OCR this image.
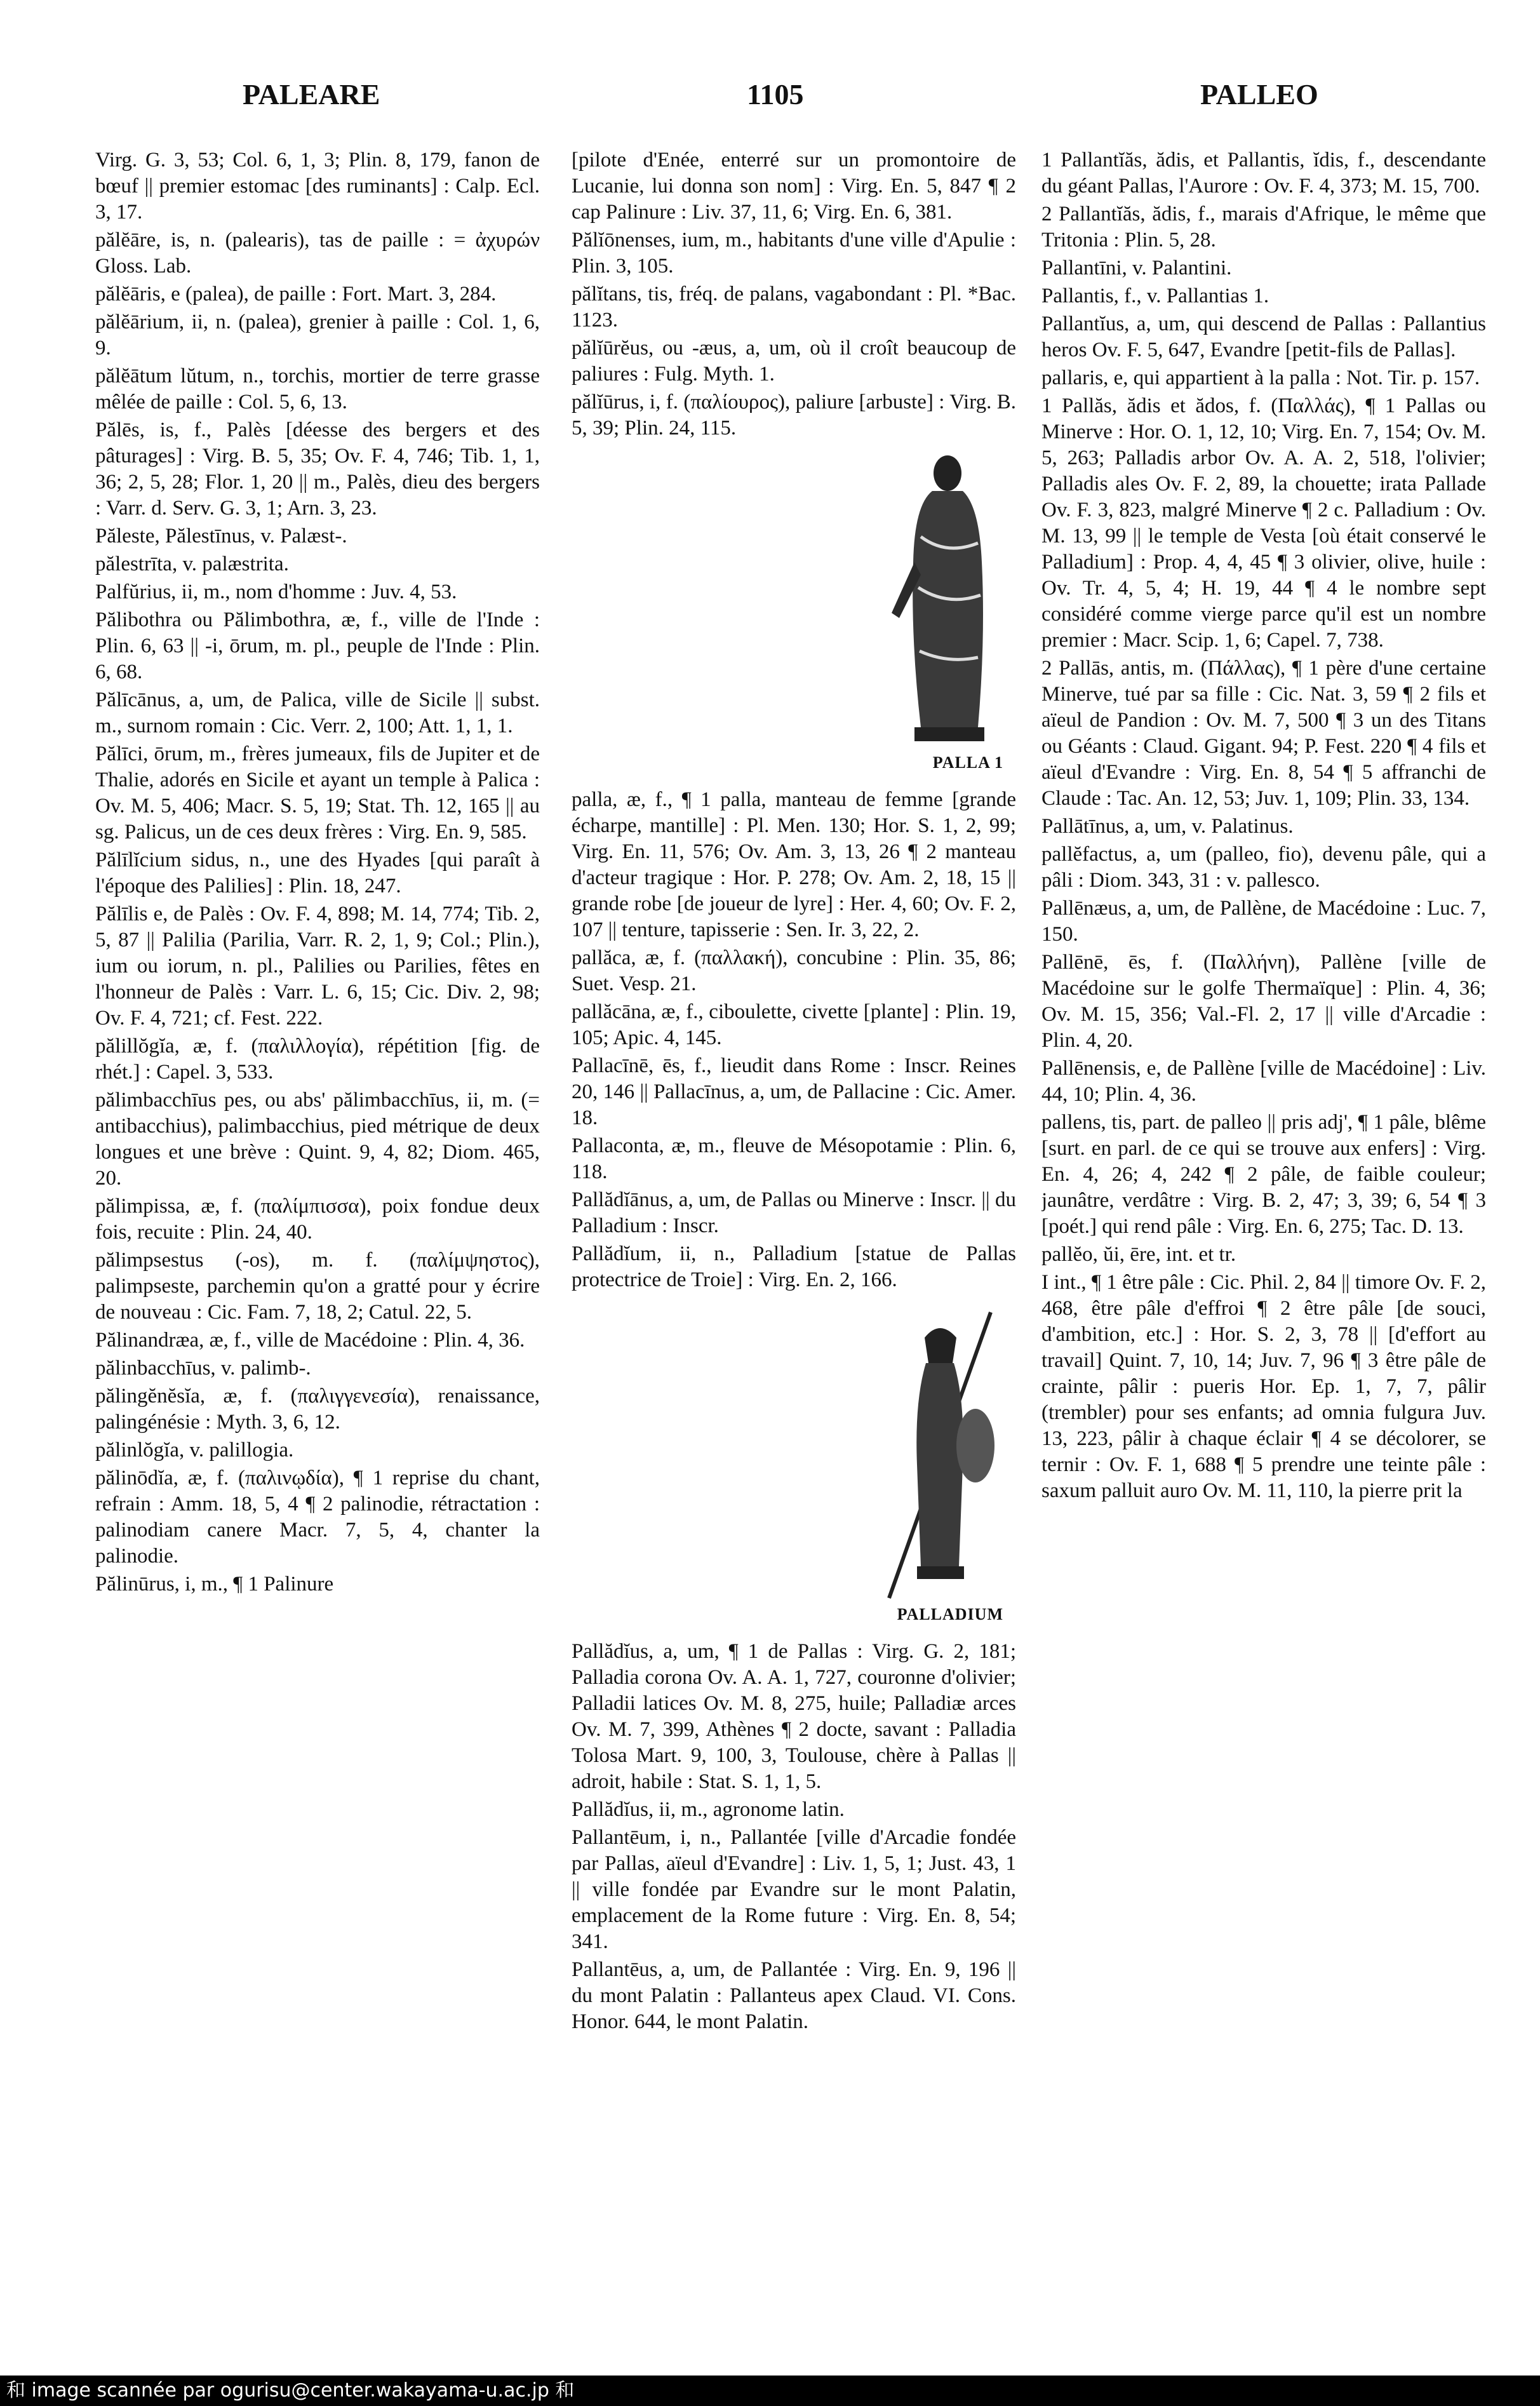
PALEARE	1105	PALLEO

Virg. G. 3, 53; Col. 6, 1, 3; Plin. 8, 179, fanon de bœuf || premier estomac [des ruminants] : Calp. Ecl. 3, 17.

pălĕāre, is, n. (palearis), tas de paille : = ἀχυρών Gloss. Lab.

pălĕāris, e (palea), de paille : Fort. Mart. 3, 284.

pălĕārium, ii, n. (palea), grenier à paille : Col. 1, 6, 9.

pălĕātum lŭtum, n., torchis, mortier de terre grasse mêlée de paille : Col. 5, 6, 13.

Pălēs, is, f., Palès [déesse des bergers et des pâturages] : Virg. B. 5, 35; Ov. F. 4, 746; Tib. 1, 1, 36; 2, 5, 28; Flor. 1, 20 || m., Palès, dieu des bergers : Varr. d. Serv. G. 3, 1; Arn. 3, 23.

Păleste, Pălestīnus, v. Palæst-.

pălestrīta, v. palæstrita.

Palfŭrius, ii, m., nom d'homme : Juv. 4, 53.

Pălibothra ou Pălimbothra, æ, f., ville de l'Inde : Plin. 6, 63 || -i, ōrum, m. pl., peuple de l'Inde : Plin. 6, 68.

Pălīcānus, a, um, de Palica, ville de Sicile || subst. m., surnom romain : Cic. Verr. 2, 100; Att. 1, 1, 1.

Pălīci, ōrum, m., frères jumeaux, fils de Jupiter et de Thalie, adorés en Sicile et ayant un temple à Palica : Ov. M. 5, 406; Macr. S. 5, 19; Stat. Th. 12, 165 || au sg. Palicus, un de ces deux frères : Virg. En. 9, 585.

Pălīlĭcium sidus, n., une des Hyades [qui paraît à l'époque des Palilies] : Plin. 18, 247.

Pălīlis e, de Palès : Ov. F. 4, 898; M. 14, 774; Tib. 2, 5, 87 || Palilia (Parilia, Varr. R. 2, 1, 9; Col.; Plin.), ium ou iorum, n. pl., Palilies ou Parilies, fêtes en l'honneur de Palès : Varr. L. 6, 15; Cic. Div. 2, 98; Ov. F. 4, 721; cf. Fest. 222.

pălillŏgĭa, æ, f. (παλιλλογία), répétition [fig. de rhét.] : Capel. 3, 533.

pălimbacchīus pes, ou abs' pălimbacchīus, ii, m. (= antibacchius), palimbacchius, pied métrique de deux longues et une brève : Quint. 9, 4, 82; Diom. 465, 20.

pălimpissa, æ, f. (παλίμπισσα), poix fondue deux fois, recuite : Plin. 24, 40.

pălimpsestus (-os), m. f. (παλίμψηστος), palimpseste, parchemin qu'on a gratté pour y écrire de nouveau : Cic. Fam. 7, 18, 2; Catul. 22, 5.

Pălinandræa, æ, f., ville de Macédoine : Plin. 4, 36.

pălinbacchīus, v. palimb-.

pălingĕnĕsĭa, æ, f. (παλιγγενεσία), renaissance, palingénésie : Myth. 3, 6, 12.

pălinlŏgĭa, v. palillogia.

pălinōdĭa, æ, f. (παλινῳδία), ¶ 1 reprise du chant, refrain : Amm. 18, 5, 4 ¶ 2 palinodie, rétractation : palinodiam canere Macr. 7, 5, 4, chanter la palinodie.

Pălinūrus, i, m., ¶ 1 Palinure

[pilote d'Enée, enterré sur un promontoire de Lucanie, lui donna son nom] : Virg. En. 5, 847 ¶ 2 cap Palinure : Liv. 37, 11, 6; Virg. En. 6, 381.

Pălĭōnenses, ium, m., habitants d'une ville d'Apulie : Plin. 3, 105.

pălĭtans, tis, fréq. de palans, vagabondant : Pl. *Bac. 1123.

pălĭūrĕus, ou -æus, a, um, où il croît beaucoup de paliures : Fulg. Myth. 1.

pălĭūrus, i, f. (παλίουρος), paliure [arbuste] : Virg. B. 5, 39; Plin. 24, 115.

PALLA 1

palla, æ, f., ¶ 1 palla, manteau de femme [grande écharpe, mantille] : Pl. Men. 130; Hor. S. 1, 2, 99; Virg. En. 11, 576; Ov. Am. 3, 13, 26 ¶ 2 manteau d'acteur tragique : Hor. P. 278; Ov. Am. 2, 18, 15 || grande robe [de joueur de lyre] : Her. 4, 60; Ov. F. 2, 107 || tenture, tapisserie : Sen. Ir. 3, 22, 2.

pallăca, æ, f. (παλλακή), concubine : Plin. 35, 86; Suet. Vesp. 21.

pallăcāna, æ, f., ciboulette, civette [plante] : Plin. 19, 105; Apic. 4, 145.

Pallacīnē, ēs, f., lieudit dans Rome : Inscr. Reines 20, 146 || Pallacīnus, a, um, de Pallacine : Cic. Amer. 18.

Pallaconta, æ, m., fleuve de Mésopotamie : Plin. 6, 118.

Pallădĭānus, a, um, de Pallas ou Minerve : Inscr. || du Palladium : Inscr.

Pallădĭum, ii, n., Palladium [statue de Pallas protectrice de Troie] : Virg. En. 2, 166.

PALLADIUM

Pallădĭus, a, um, ¶ 1 de Pallas : Virg. G. 2, 181; Palladia corona Ov. A. A. 1, 727, couronne d'olivier; Palladii latices Ov. M. 8, 275, huile; Palladiæ arces Ov. M. 7, 399, Athènes ¶ 2 docte, savant : Palladia Tolosa Mart. 9, 100, 3, Toulouse, chère à Pallas || adroit, habile : Stat. S. 1, 1, 5.

Pallădĭus, ii, m., agronome latin.

Pallantēum, i, n., Pallantée [ville d'Arcadie fondée par Pallas, aïeul d'Evandre] : Liv. 1, 5, 1; Just. 43, 1 || ville fondée par Evandre sur le mont Palatin, emplacement de la Rome future : Virg. En. 8, 54; 341.

Pallantēus, a, um, de Pallantée : Virg. En. 9, 196 || du mont Palatin : Pallanteus apex Claud. VI. Cons. Honor. 644, le mont Palatin.

1 Pallantĭăs, ădis, et Pallantis, ĭdis, f., descendante du géant Pallas, l'Aurore : Ov. F. 4, 373; M. 15, 700.

2 Pallantĭăs, ădis, f., marais d'Afrique, le même que Tritonia : Plin. 5, 28.

Pallantīni, v. Palantini.

Pallantis, f., v. Pallantias 1.

Pallantĭus, a, um, qui descend de Pallas : Pallantius heros Ov. F. 5, 647, Evandre [petit-fils de Pallas].

pallaris, e, qui appartient à la palla : Not. Tir. p. 157.

1 Pallăs, ădis et ădos, f. (Παλλάς), ¶ 1 Pallas ou Minerve : Hor. O. 1, 12, 10; Virg. En. 7, 154; Ov. M. 5, 263; Palladis arbor Ov. A. A. 2, 518, l'olivier; Palladis ales Ov. F. 2, 89, la chouette; irata Pallade Ov. F. 3, 823, malgré Minerve ¶ 2 c. Palladium : Ov. M. 13, 99 || le temple de Vesta [où était conservé le Palladium] : Prop. 4, 4, 45 ¶ 3 olivier, olive, huile : Ov. Tr. 4, 5, 4; H. 19, 44 ¶ 4 le nombre sept considéré comme vierge parce qu'il est un nombre premier : Macr. Scip. 1, 6; Capel. 7, 738.

2 Pallās, antis, m. (Πάλλας), ¶ 1 père d'une certaine Minerve, tué par sa fille : Cic. Nat. 3, 59 ¶ 2 fils et aïeul de Pandion : Ov. M. 7, 500 ¶ 3 un des Titans ou Géants : Claud. Gigant. 94; P. Fest. 220 ¶ 4 fils et aïeul d'Evandre : Virg. En. 8, 54 ¶ 5 affranchi de Claude : Tac. An. 12, 53; Juv. 1, 109; Plin. 33, 134.

Pallātīnus, a, um, v. Palatinus.

pallĕfactus, a, um (palleo, fio), devenu pâle, qui a pâli : Diom. 343, 31 : v. pallesco.

Pallēnæus, a, um, de Pallène, de Macédoine : Luc. 7, 150.

Pallēnē, ēs, f. (Παλλήνη), Pallène [ville de Macédoine sur le golfe Thermaïque] : Plin. 4, 36; Ov. M. 15, 356; Val.-Fl. 2, 17 || ville d'Arcadie : Plin. 4, 20.

Pallēnensis, e, de Pallène [ville de Macédoine] : Liv. 44, 10; Plin. 4, 36.

pallens, tis, part. de palleo || pris adj', ¶ 1 pâle, blême [surt. en parl. de ce qui se trouve aux enfers] : Virg. En. 4, 26; 4, 242 ¶ 2 pâle, de faible couleur; jaunâtre, verdâtre : Virg. B. 2, 47; 3, 39; 6, 54 ¶ 3 [poét.] qui rend pâle : Virg. En. 6, 275; Tac. D. 13.

pallĕo, ŭi, ēre, int. et tr.

I int., ¶ 1 être pâle : Cic. Phil. 2, 84 || timore Ov. F. 2, 468, être pâle d'effroi ¶ 2 être pâle [de souci, d'ambition, etc.] : Hor. S. 2, 3, 78 || [d'effort au travail] Quint. 7, 10, 14; Juv. 7, 96 ¶ 3 être pâle de crainte, pâlir : pueris Hor. Ep. 1, 7, 7, pâlir (trembler) pour ses enfants; ad omnia fulgura Juv. 13, 223, pâlir à chaque éclair ¶ 4 se décolorer, se ternir : Ov. F. 1, 688 ¶ 5 prendre une teinte pâle : saxum palluit auro Ov. M. 11, 110, la pierre prit la

和 image scannée par ogurisu@center.wakayama-u.ac.jp 和
